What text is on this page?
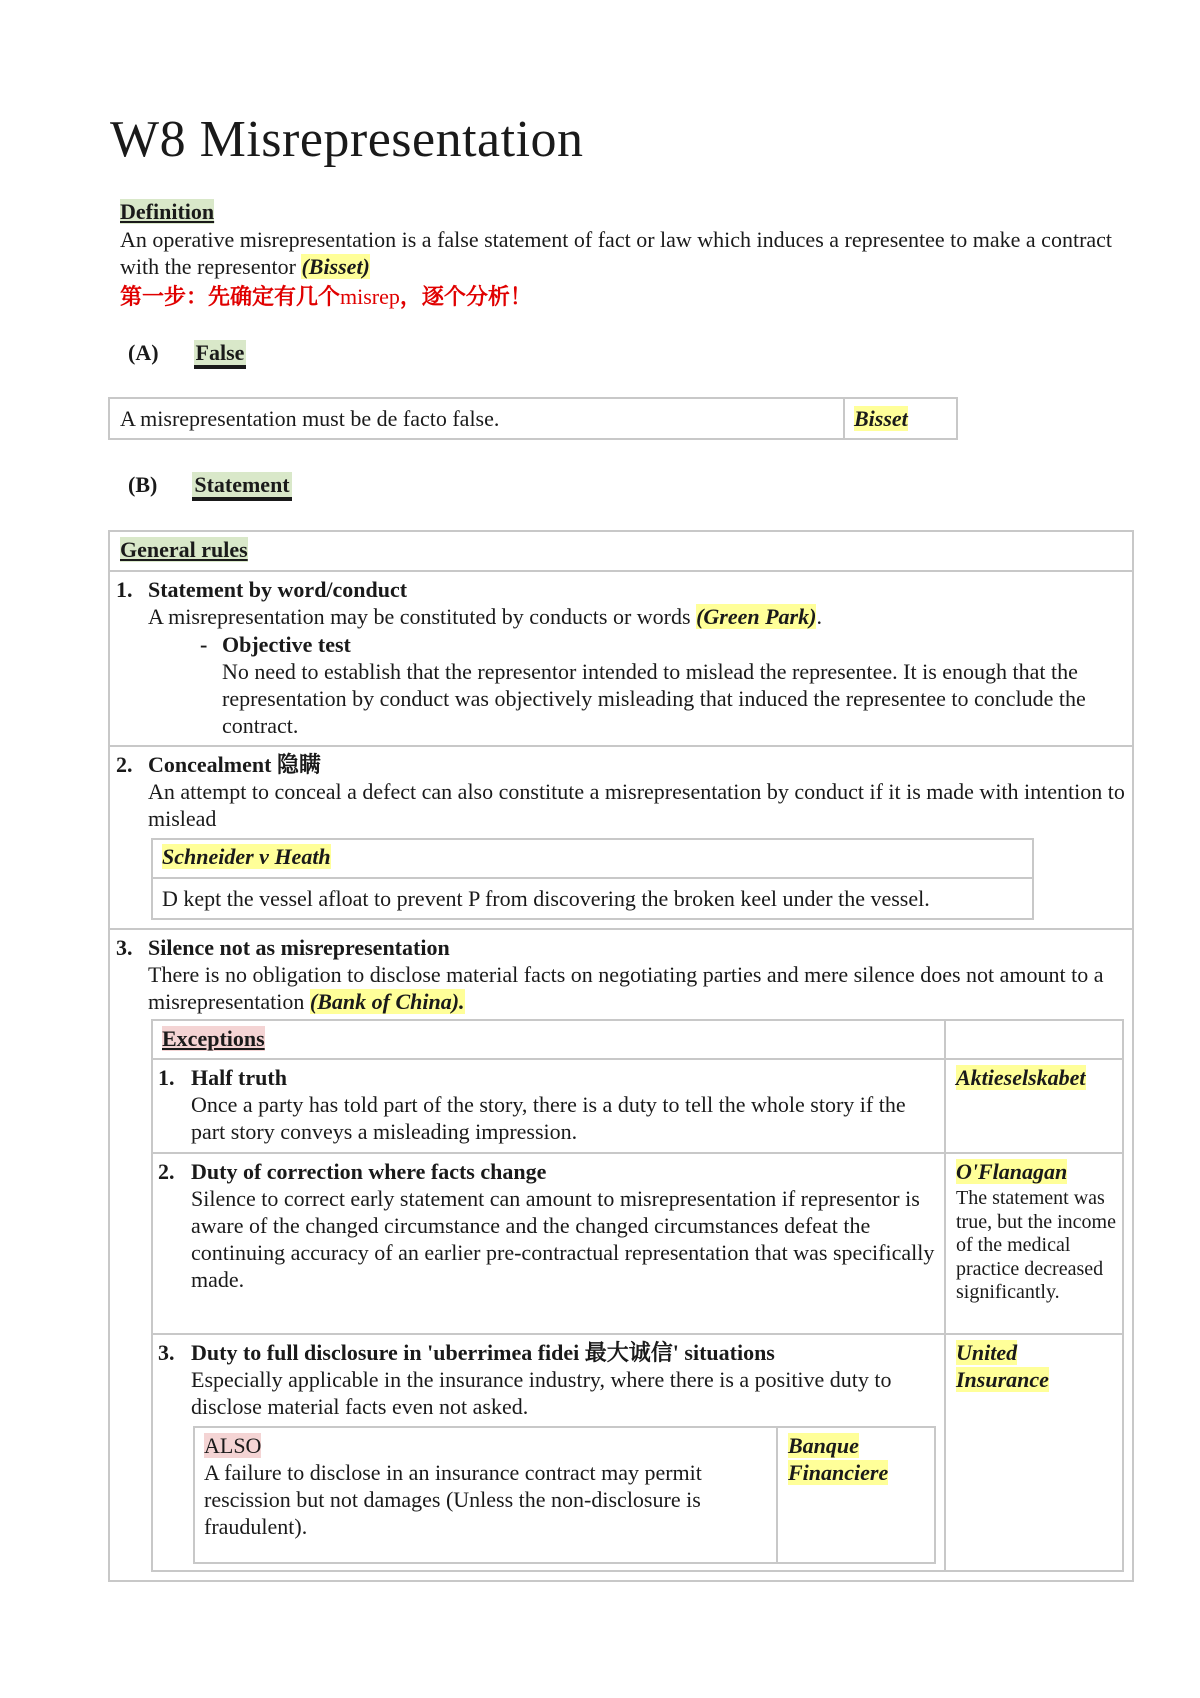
W8 Misrepresentation
Definition
An operative misrepresentation is a false statement of fact or law which induces a representee to make a contract with the representor (Bisset)
第一步：先确定有几个misrep，逐个分析！
(A) False
A misrepresentation must be de facto false.	Bisset
(B) Statement
General rules
1. Statement by word/conduct
A misrepresentation may be constituted by conducts or words (Green Park).
- Objective test
No need to establish that the representor intended to mislead the representee. It is enough that the representation by conduct was objectively misleading that induced the representee to conclude the contract.
2. Concealment 隐瞒
An attempt to conceal a defect can also constitute a misrepresentation by conduct if it is made with intention to mislead
Schneider v Heath
D kept the vessel afloat to prevent P from discovering the broken keel under the vessel.
3. Silence not as misrepresentation
There is no obligation to disclose material facts on negotiating parties and mere silence does not amount to a misrepresentation (Bank of China).
Exceptions
1. Half truth
Once a party has told part of the story, there is a duty to tell the whole story if the part story conveys a misleading impression.
Aktieselskabet
2. Duty of correction where facts change
Silence to correct early statement can amount to misrepresentation if representor is aware of the changed circumstance and the changed circumstances defeat the continuing accuracy of an earlier pre-contractual representation that was specifically made.
O'Flanagan
The statement was true, but the income of the medical practice decreased significantly.
3. Duty to full disclosure in 'uberrimea fidei 最大诚信' situations
Especially applicable in the insurance industry, where there is a positive duty to disclose material facts even not asked.
United
Insurance
ALSO
A failure to disclose in an insurance contract may permit rescission but not damages (Unless the non-disclosure is fraudulent).
Banque
Financiere
